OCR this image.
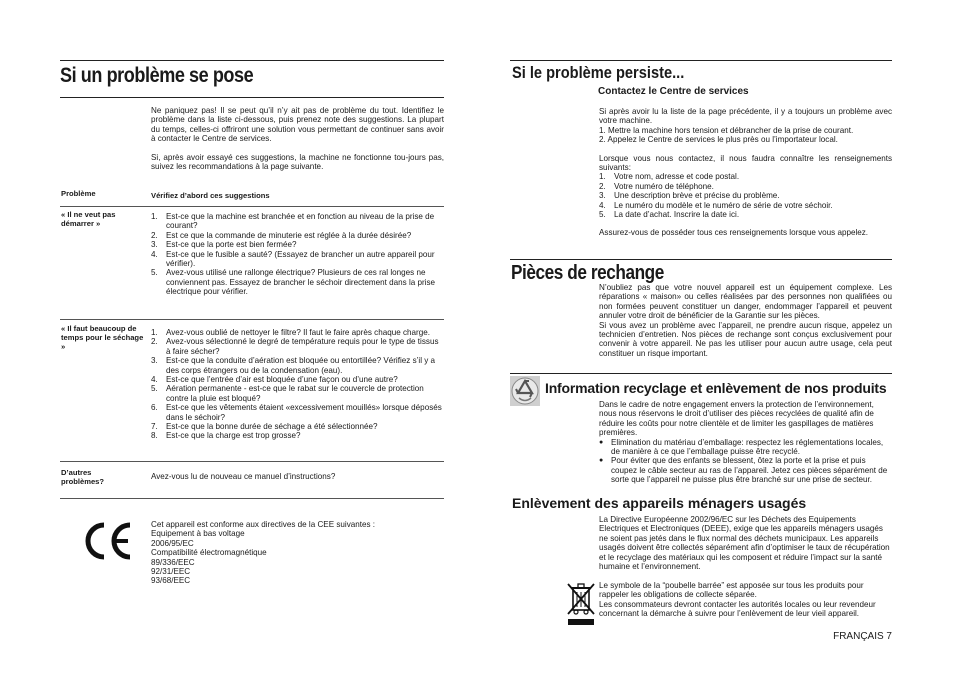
Si un problème se pose

Ne paniquez pas! Il se peut qu’il n’y ait pas de problème du tout. Identifiez le problème dans la liste ci-dessous, puis prenez note des suggestions. La plupart du temps, celles-ci offriront une solution vous permettant de continuer sans avoir à contacter le Centre de services.

Si, après avoir essayé ces suggestions, la machine ne fonctionne tou-jours pas, suivez les recommandations à la page suivante.

Problème	Vérifiez d’abord ces suggestions
« Il ne veut pas démarrer »
1. Est-ce que la machine est branchée et en fonction au niveau de la prise de courant?
2. Est ce que la commande de minuterie est réglée à la durée désirée?
3. Est-ce que la porte est bien fermée?
4. Est-ce que le fusible a sauté? (Essayez de brancher un autre appareil pour vérifier).
5. Avez-vous utilisé une rallonge électrique? Plusieurs de ces ral longes ne conviennent pas. Essayez de brancher le séchoir directement dans la prise électrique pour vérifier.
« Il faut beaucoup de temps pour le séchage »
1. Avez-vous oublié de nettoyer le filtre? Il faut le faire après chaque charge.
2. Avez-vous sélectionné le degré de température requis pour le type de tissus à faire sécher?
3. Est-ce que la conduite d’aération est bloquée ou entortillée? Vérifiez s’il y a des corps étrangers ou de la condensation (eau).
4. Est-ce que l’entrée d’air est bloquée d’une façon ou d’une autre?
5. Aération permanente - est-ce que le rabat sur le couvercle de protection contre la pluie est bloqué?
6. Est-ce que les vêtements étaient «excessivement mouillés» lorsque déposés dans le séchoir?
7. Est-ce que la bonne durée de séchage a été sélectionnée?
8. Est-ce que la charge est trop grosse?
D’autres problèmes?
Avez-vous lu de nouveau ce manuel d’instructions?
Cet appareil est conforme aux directives de la CEE suivantes :
Equipement à bas voltage
2006/95/EC
Compatibilité électromagnétique
89/336/EEC
92/31/EEC
93/68/EEC
Si le problème persiste...
Contactez le Centre de services
Si après avoir lu la liste de la page précédente, il y a toujours un problème avec votre machine.
1. Mettre la machine hors tension et débrancher de la prise de courant.
2. Appelez le Centre de services le plus près ou l’importateur local.
Lorsque vous nous contactez, il nous faudra connaître les renseignements suivants:
1. Votre nom, adresse et code postal.
2. Votre numéro de téléphone.
3. Une description brève et précise du problème.
4. Le numéro du modèle et le numéro de série de votre séchoir.
5. La date d’achat. Inscrire la date ici.
Assurez-vous de posséder tous ces renseignements lorsque vous appelez.
Pièces de rechange
N’oubliez pas que votre nouvel appareil est un équipement complexe. Les réparations « maison» ou celles réalisées par des personnes non qualifiées ou non formées peuvent constituer un danger, endommager l’appareil et peuvent annuler votre droit de bénéficier de la Garantie sur les pièces.
Si vous avez un problème avec l’appareil, ne prendre aucun risque, appelez un technicien d’entretien. Nos pièces de rechange sont conçus exclusivement pour convenir à votre appareil. Ne pas les utiliser pour aucun autre usage, cela peut constituer un risque important.
Information recyclage et enlèvement de nos produits
Dans le cadre de notre engagement envers la protection de l’environnement, nous nous réservons le droit d’utiliser des pièces recyclées de qualité afin de réduire les coûts pour notre clientèle et de limiter les gaspillages de matières premières.
● Elimination du matériau d’emballage: respectez les réglementations locales, de manière à ce que l’emballage puisse être recyclé.
● Pour éviter que des enfants se blessent, ôtez la porte et la prise et puis coupez le câble secteur au ras de l’appareil. Jetez ces pièces séparément de sorte que l’appareil ne puisse plus être branché sur une prise de secteur.
Enlèvement des appareils ménagers usagés
La Directive Européenne 2002/96/EC sur les Déchets des Equipements Electriques et Electroniques (DEEE), exige que les appareils ménagers usagés ne soient pas jetés dans le flux normal des déchets municipaux. Les appareils usagés doivent être collectés séparément afin d’optimiser le taux de récupération et le recyclage des matériaux qui les composent et réduire l’impact sur la santé humaine et l’environnement.
Le symbole de la “poubelle barrée” est apposée sur tous les produits pour rappeler les obligations de collecte séparée.
Les consommateurs devront contacter les autorités locales ou leur revendeur concernant la démarche à suivre pour l’enlèvement de leur vieil appareil.
FRANÇAIS 7
